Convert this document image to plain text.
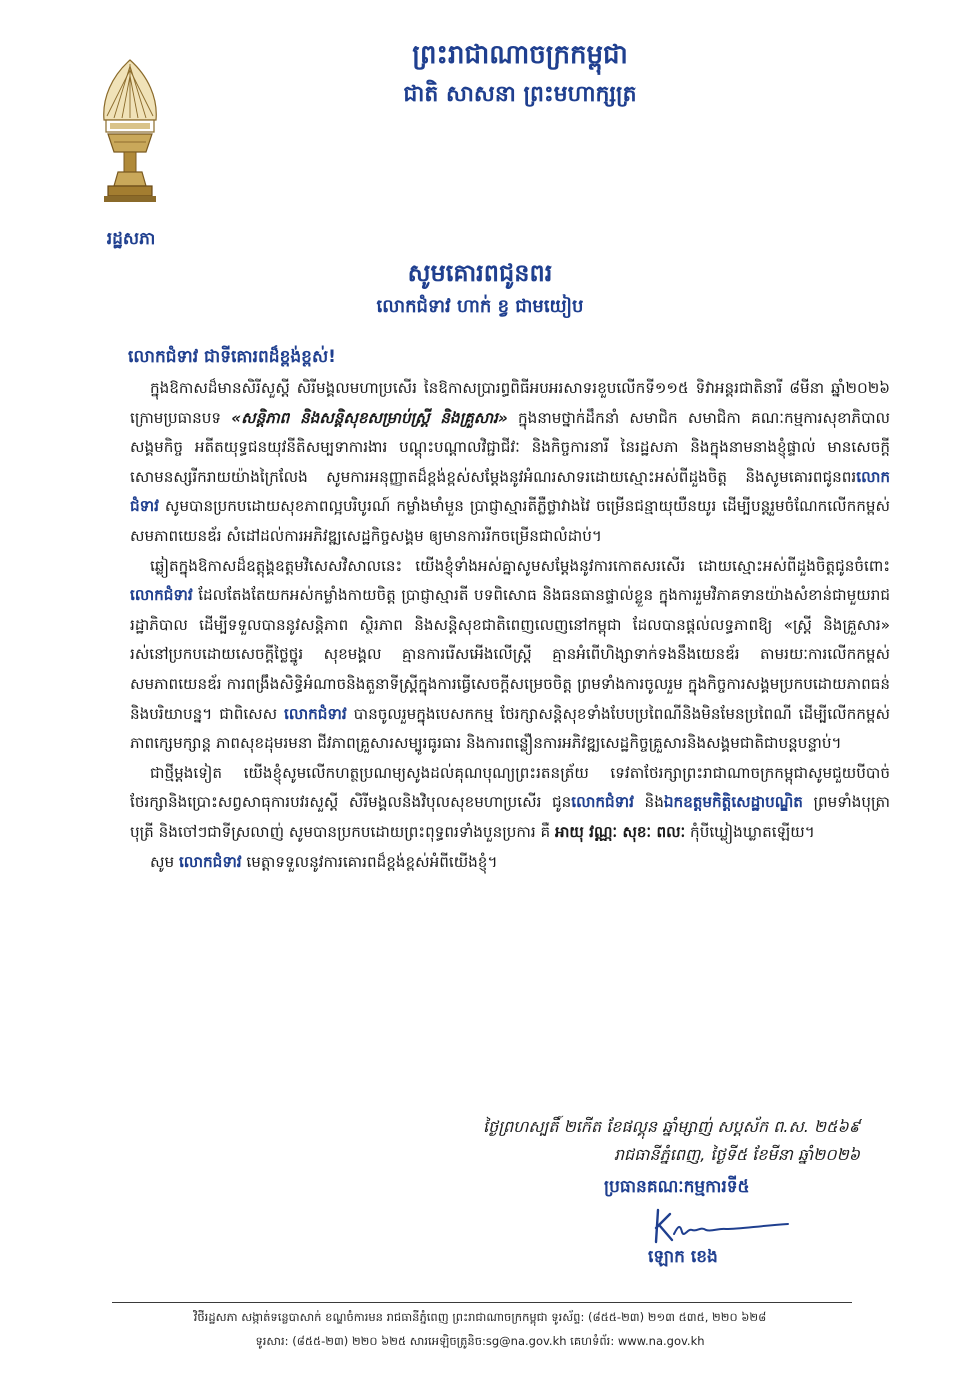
ព្រះរាជាណាចក្រកម្ពុជា
ជាតិ សាសនា ព្រះមហាក្សត្រ
រដ្ឋសភា
សូមគោរពជូនពរ
លោកជំទាវ ហាក់ ខ្វ ជាមយៀប
លោកជំទាវ ជាទីគោរពដ៏ខ្ពង់ខ្ពស់!

ក្នុងឱកាសដ៏មានសិរីសួស្តី សិរីមង្គលមហាប្រសើរ នៃឱកាសប្រារព្ធពិធីអបអរសាទរខួបលើកទី១១៥ ទិវាអន្តរជាតិនារី ៨មីនា ឆ្នាំ២០២៦ ក្រោមប្រធានបទ «សន្តិភាព និងសន្តិសុខសម្រាប់ស្ត្រី និងគ្រួសារ» ក្នុងនាមថ្នាក់ដឹកនាំ សមាជិក សមាជិកា គណៈកម្មការសុខាភិបាល សង្គមកិច្ច អតីតយុទ្ធជនយុវនីតិសម្បទាការងារ បណ្តុះបណ្តាលវិជ្ជាជីវៈ និងកិច្ចការនារី នៃរដ្ឋសភា និងក្នុងនាមនាងខ្ញុំផ្ទាល់ មានសេចក្តីសោមនស្សរីករាយយ៉ាងក្រៃលែង សូមការអនុញ្ញាតដ៏ខ្ពង់ខ្ពស់សម្តែងនូវអំណរសាទរដោយស្មោះអស់ពីដួងចិត្ត និងសូមគោរពជូនពរលោកជំទាវ សូមបានប្រកបដោយសុខភាពល្អបរិបូរណ៍ កម្លាំងមាំមួន ប្រាជ្ញាស្មារតីភ្លឺថ្លាវាងវៃ ចម្រើនជន្មាយុយឺនយូរ ដើម្បីបន្តរួមចំណែកលើកកម្ពស់សមភាពយេនឌ័រ សំដៅដល់ការអភិវឌ្ឍសេដ្ឋកិច្ចសង្គម ឲ្យមានការរីកចម្រើនជាលំដាប់។

ឆ្លៀតក្នុងឱកាសដ៏ឧត្តុង្គឧត្តមវិសេសវិសាលនេះ យើងខ្ញុំទាំងអស់គ្នាសូមសម្តែងនូវការកោតសរសើរ ដោយស្មោះអស់ពីដួងចិត្តជូនចំពោះ លោកជំទាវ ដែលតែងតែយកអស់កម្លាំងកាយចិត្ត ប្រាជ្ញាស្មារតី បទពិសោធ និងធនធានផ្ទាល់ខ្លួន ក្នុងការរួមវិភាគទានយ៉ាងសំខាន់ជាមួយរាជរដ្ឋាភិបាល ដើម្បីទទួលបាននូវសន្តិភាព ស្ថិរភាព និងសន្តិសុខជាតិពេញលេញនៅកម្ពុជា ដែលបានផ្តល់លទ្ធភាពឱ្យ «ស្ត្រី និងគ្រួសារ» រស់នៅប្រកបដោយសេចក្តីថ្លៃថ្នូរ សុខមង្គល គ្មានការរើសអើងលើស្ត្រី គ្មានអំពើហិង្សាទាក់ទងនឹងយេនឌ័រ តាមរយៈការលើកកម្ពស់សមភាពយេនឌ័រ ការពង្រឹងសិទ្ធិអំណាចនិងតួនាទីស្ត្រីក្នុងការធ្វើសេចក្តីសម្រេចចិត្ត ព្រមទាំងការចូលរួម ក្នុងកិច្ចការសង្គមប្រកបដោយភាពធន់ និងបរិយាបន្ន។ ជាពិសេស លោកជំទាវ បានចូលរួមក្នុងបេសកកម្ម ថែរក្សាសន្តិសុខទាំងបែបប្រពៃណីនិងមិនមែនប្រពៃណី ដើម្បីលើកកម្ពស់ភាពក្សេមក្សាន្ត ភាពសុខដុមរមនា ជីវភាពគ្រួសារសម្បូរធូរធារ និងការពន្លឿនការអភិវឌ្ឍសេដ្ឋកិច្ចគ្រួសារនិងសង្គមជាតិជាបន្តបន្ទាប់។

ជាថ្មីម្តងទៀត យើងខ្ញុំសូមលើកហត្ថប្រណម្យសូងដល់គុណបុណ្យព្រះរតនត្រ័យ ទេវតាថែរក្សាព្រះរាជាណាចក្រកម្ពុជាសូមជួយបីបាច់ថែរក្សានិងប្រោះសព្វសាធុការបវរសួស្តី សិរីមង្គលនិងវិបុលសុខមហាប្រសើរ ជូនលោកជំទាវ និងឯកឧត្តមកិត្តិសេដ្ឋាបណ្ឌិត ព្រមទាំងបុត្រាបុត្រី និងចៅៗជាទីស្រលាញ់ សូមបានប្រកបដោយព្រះពុទ្ធពរទាំងបួនប្រការ គឺ អាយុ វណ្ណៈ សុខៈ ពលៈ កុំបីឃ្លៀងឃ្លាតឡើយ។

សូម លោកជំទាវ មេត្តាទទួលនូវការគោរពដ៏ខ្ពង់ខ្ពស់អំពីយើងខ្ញុំ។

ថ្ងៃព្រហស្បតិ៍ ២កើត ខែផល្គុន ឆ្នាំម្សាញ់ សប្តស័ក ព.ស. ២៥៦៩
រាជធានីភ្នំពេញ, ថ្ងៃទី៥ ខែមីនា ឆ្នាំ២០២៦
ប្រធានគណៈកម្មការទី៥
ឡោក ខេង
វិថីរដ្ឋសភា សង្កាត់ទន្លេបាសាក់ ខណ្ឌចំការមន រាជធានីភ្នំពេញ ព្រះរាជាណាចក្រកម្ពុជា ទូរស័ព្ទ: (៨៥៥-២៣) ២១៣ ៥៣៥, ២២០ ៦២៨
ទូរសារ: (៨៥៥-២៣) ២២០ ៦២៥ សារអេឡិចត្រូនិច:sg@na.gov.kh គេហទំព័រ: www.na.gov.kh
